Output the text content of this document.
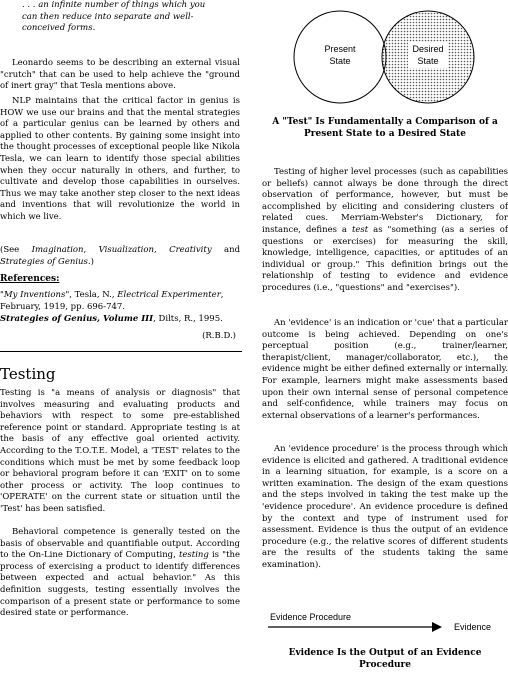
. . . an infinite number of things which you can then reduce into separate and well-conceived forms.
Leonardo seems to be describing an external visual "crutch" that can be used to help achieve the "ground of inert gray" that Tesla mentions above.
NLP maintains that the critical factor in genius is HOW we use our brains and that the mental strategies of a particular genius can be learned by others and applied to other contents. By gaining some insight into the thought processes of exceptional people like Nikola Tesla, we can learn to identify those special abilities when they occur naturally in others, and further, to cultivate and develop those capabilities in ourselves. Thus we may take another step closer to the next ideas and inventions that will revolutionize the world in which we live.
(See Imagination, Visualization, Creativity and Strategies of Genius.)
References:
"My Inventions", Tesla, N., Electrical Experimenter, February, 1919, pp. 696-747.
Strategies of Genius, Volume III, Dilts, R., 1995.
(R.B.D.)
Testing
Testing is "a means of analysis or diagnosis" that involves measuring and evaluating products and behaviors with respect to some pre-established reference point or standard. Appropriate testing is at the basis of any effective goal oriented activity. According to the T.O.T.E. Model, a 'TEST' relates to the conditions which must be met by some feedback loop or behavioral program before it can 'EXIT' on to some other process or activity. The loop continues to 'OPERATE' on the current state or situation until the 'Test' has been satisfied.
Behavioral competence is generally tested on the basis of observable and quantifiable output. According to the On-Line Dictionary of Computing, testing is "the process of exercising a product to identify differences between expected and actual behavior." As this definition suggests, testing essentially involves the comparison of a present state or performance to some desired state or performance.
Present
State
Desired
State
A "Test" Is Fundamentally a Comparison of a Present State to a Desired State
Testing of higher level processes (such as capabilities or beliefs) cannot always be done through the direct observation of performance, however, but must be accomplished by eliciting and considering clusters of related cues. Merriam-Webster's Dictionary, for instance, defines a test as "something (as a series of questions or exercises) for measuring the skill, knowledge, intelligence, capacities, or aptitudes of an individual or group." This definition brings out the relationship of testing to evidence and evidence procedures (i.e., "questions" and "exercises").
An 'evidence' is an indication or 'cue' that a particular outcome is being achieved. Depending on one's perceptual position (e.g., trainer/learner, therapist/client, manager/collaborator, etc.), the evidence might be either defined externally or internally. For example, learners might make assessments based upon their own internal sense of personal competence and self-confidence, while trainers may focus on external observations of a learner's performances.
An 'evidence procedure' is the process through which evidence is elicited and gathered. A traditional evidence in a learning situation, for example, is a score on a written examination. The design of the exam questions and the steps involved in taking the test make up the 'evidence procedure'. An evidence procedure is defined by the context and type of instrument used for assessment. Evidence is thus the output of an evidence procedure (e.g., the relative scores of different students are the results of the students taking the same examination).
Evidence Procedure
Evidence
Evidence Is the Output of an Evidence Procedure
